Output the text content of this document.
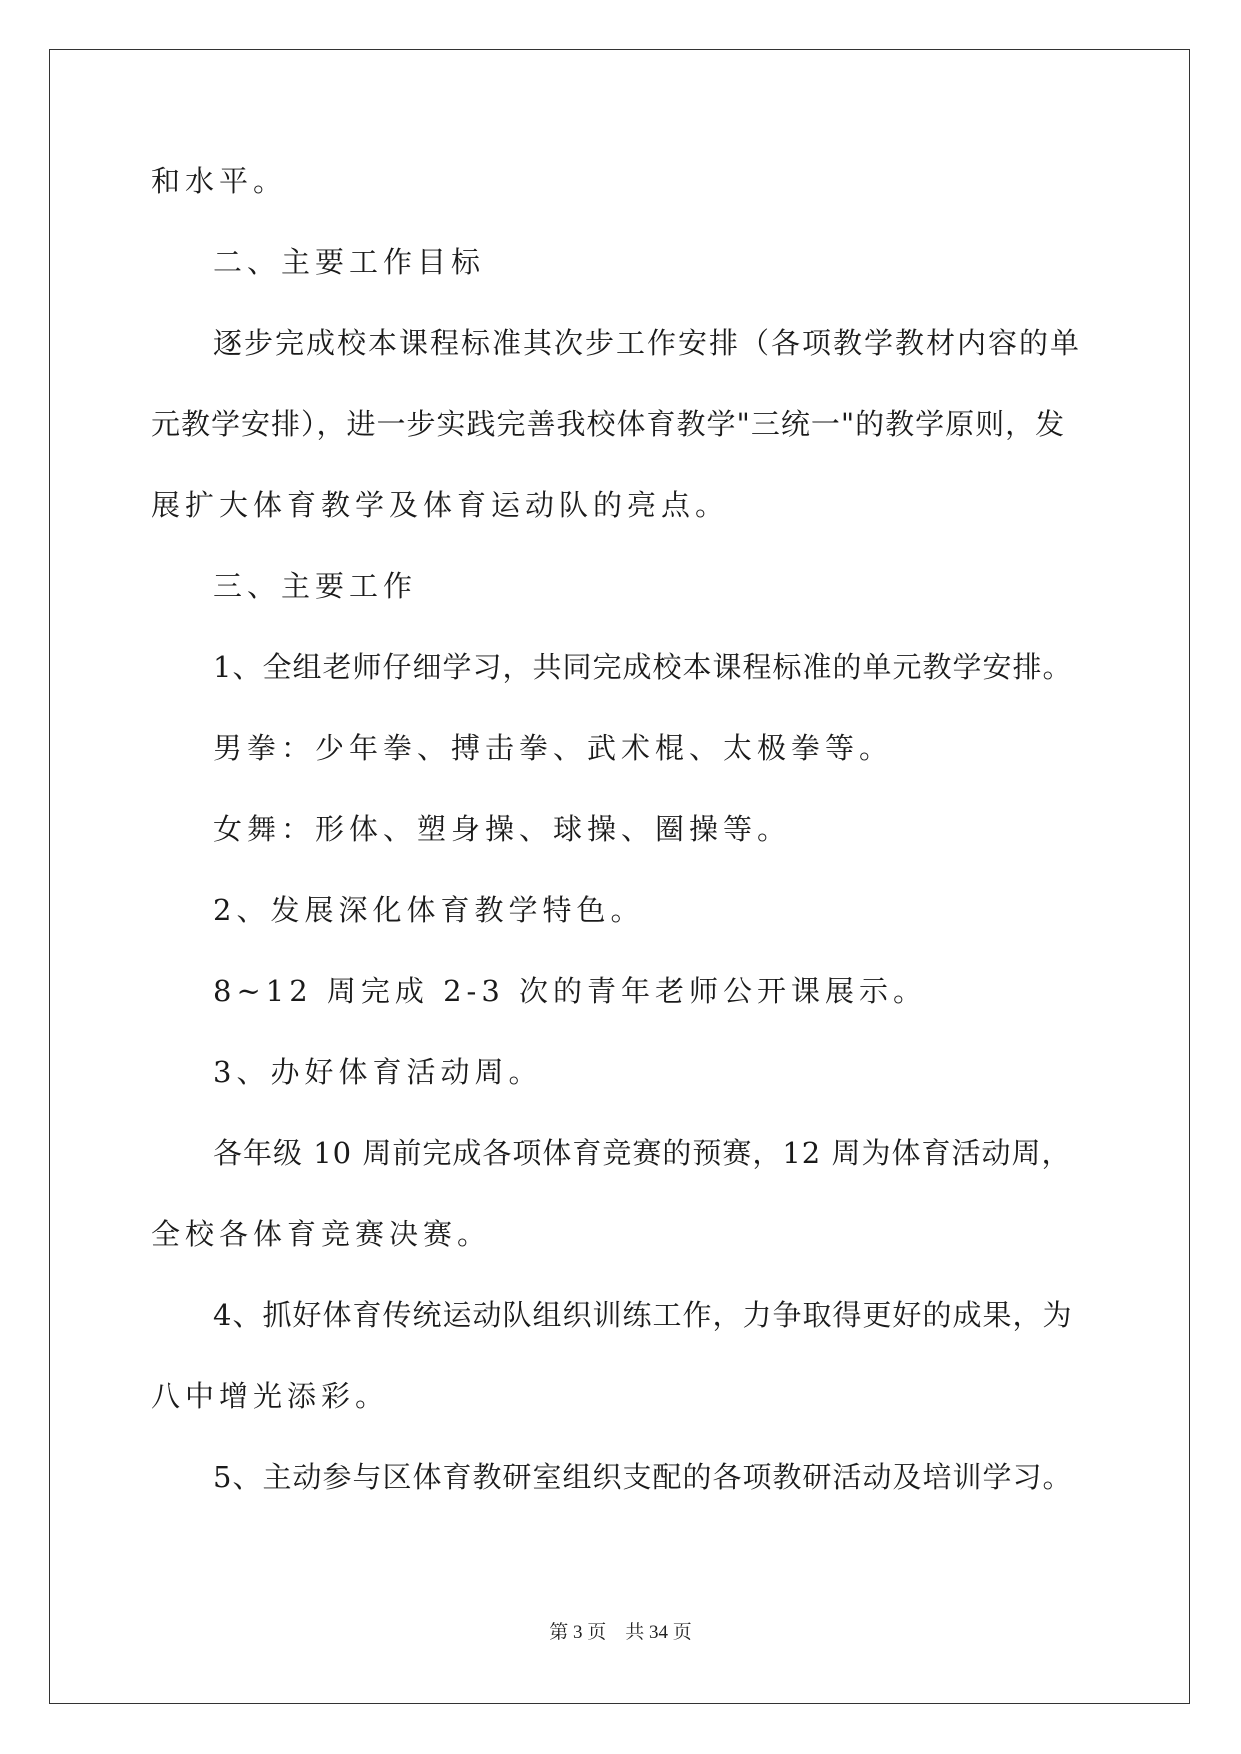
和水平。
二、主要工作目标
逐步完成校本课程标准其次步工作安排（各项教学教材内容的单
元教学安排），进一步实践完善我校体育教学"三统一"的教学原则，发
展扩大体育教学及体育运动队的亮点。
三、主要工作
1、全组老师仔细学习，共同完成校本课程标准的单元教学安排。
男拳：少年拳、搏击拳、武术棍、太极拳等。
女舞：形体、塑身操、球操、圈操等。
2、发展深化体育教学特色。
8~12 周完成 2-3 次的青年老师公开课展示。
3、办好体育活动周。
各年级 10 周前完成各项体育竞赛的预赛，12 周为体育活动周，
全校各体育竞赛决赛。
4、抓好体育传统运动队组织训练工作，力争取得更好的成果，为
八中增光添彩。
5、主动参与区体育教研室组织支配的各项教研活动及培训学习。
第 3 页 共 34 页
